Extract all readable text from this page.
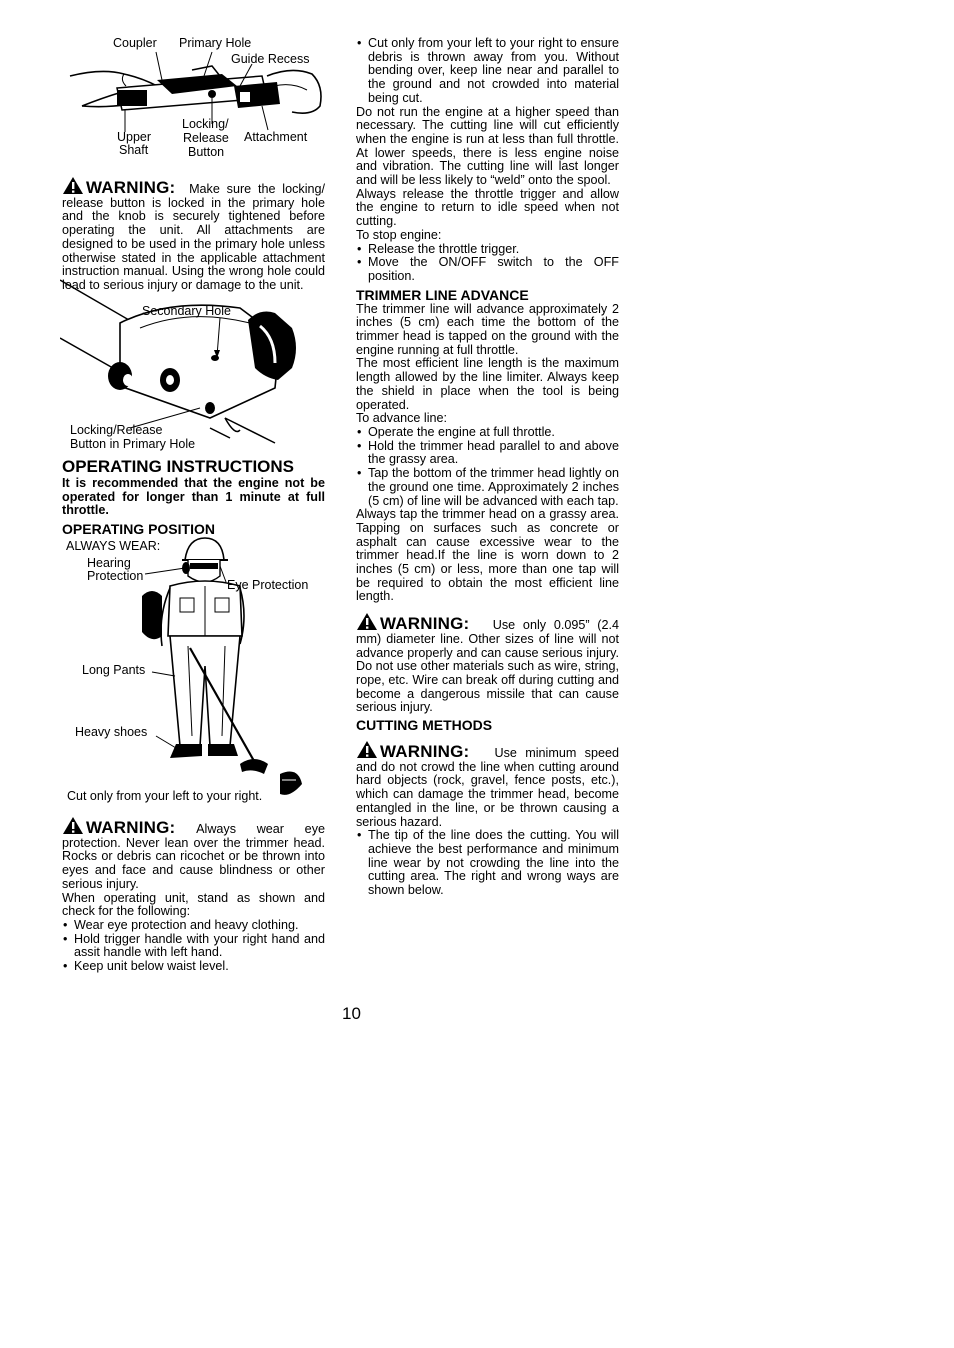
Coupler Primary Hole
Guide Recess
Upper
Shaft
Locking/
Release
Button
Attachment

WARNING: Make sure the locking/ release button is locked in the primary hole and the knob is securely tightened before operating the unit. All attachments are designed to be used in the primary hole unless otherwise stated in the applicable attachment instruction manual. Using the wrong hole could lead to serious injury or damage to the unit.

Secondary Hole
Locking/Release
Button in Primary Hole

OPERATING INSTRUCTIONS

It is recommended that the engine not be operated for longer than 1 minute at full throttle.

OPERATING POSITION

ALWAYS WEAR:
Hearing
Protection
Eye Protection
Long Pants
Heavy shoes
Cut only from your left to your right.

WARNING: Always wear eye protection. Never lean over the trimmer head. Rocks or debris can ricochet or be thrown into eyes and face and cause blindness or other serious injury.

When operating unit, stand as shown and check for the following:

• Wear eye protection and heavy clothing.
• Hold trigger handle with your right hand and assit handle with left hand.
• Keep unit below waist level.
• Cut only from your left to your right to ensure debris is thrown away from you. Without bending over, keep line near and parallel to the ground and not crowded into material being cut.

Do not run the engine at a higher speed than necessary. The cutting line will cut efficiently when the engine is run at less than full throttle. At lower speeds, there is less engine noise and vibration. The cutting line will last longer and will be less likely to “weld” onto the spool.

Always release the throttle trigger and allow the engine to return to idle speed when not cutting.

To stop engine:

• Release the throttle trigger.
• Move the ON/OFF switch to the OFF position.

TRIMMER LINE ADVANCE

The trimmer line will advance approximately 2 inches (5 cm) each time the bottom of the trimmer head is tapped on the ground with the engine running at full throttle.

The most efficient line length is the maximum length allowed by the line limiter. Always keep the shield in place when the tool is being operated.

To advance line:

• Operate the engine at full throttle.
• Hold the trimmer head parallel to and above the grassy area.
• Tap the bottom of the trimmer head lightly on the ground one time. Approximately 2 inches (5 cm) of line will be advanced with each tap.

Always tap the trimmer head on a grassy area. Tapping on surfaces such as concrete or asphalt can cause excessive wear to the trimmer head.If the line is worn down to 2 inches (5 cm) or less, more than one tap will be required to obtain the most efficient line length.

WARNING: Use only 0.095” (2.4 mm) diameter line. Other sizes of line will not advance properly and can cause serious injury. Do not use other materials such as wire, string, rope, etc. Wire can break off during cutting and become a dangerous missile that can cause serious injury.

CUTTING METHODS

WARNING: Use minimum speed and do not crowd the line when cutting around hard objects (rock, gravel, fence posts, etc.), which can damage the trimmer head, become entangled in the line, or be thrown causing a serious hazard.

• The tip of the line does the cutting. You will achieve the best performance and minimum line wear by not crowding the line into the cutting area. The right and wrong ways are shown below.
10
